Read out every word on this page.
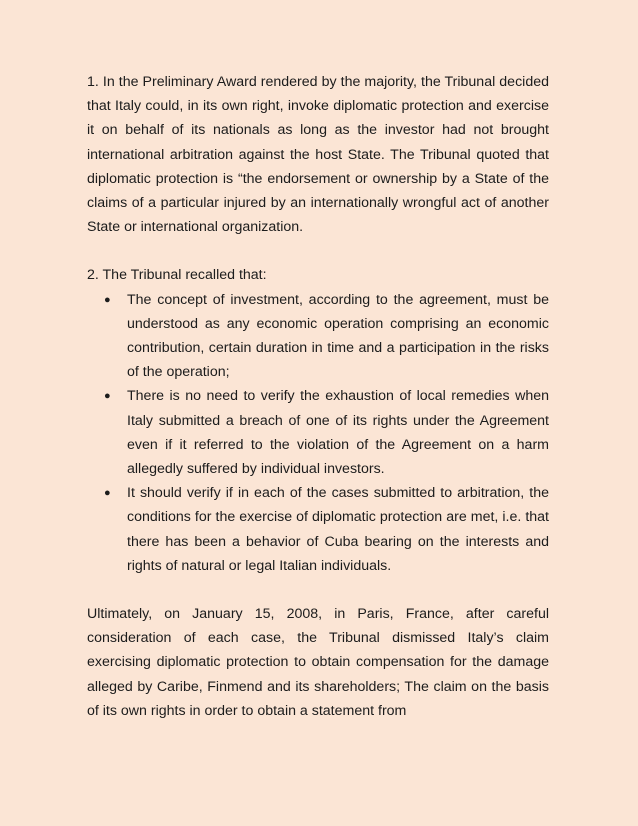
1. In the Preliminary Award rendered by the majority, the Tribunal decided that Italy could, in its own right, invoke diplomatic protection and exercise it on behalf of its nationals as long as the investor had not brought international arbitration against the host State. The Tribunal quoted that diplomatic protection is “the endorsement or ownership by a State of the claims of a particular injured by an internationally wrongful act of another State or international organization.

2. The Tribunal recalled that:

● The concept of investment, according to the agreement, must be understood as any economic operation comprising an economic contribution, certain duration in time and a participation in the risks of the operation;
● There is no need to verify the exhaustion of local remedies when Italy submitted a breach of one of its rights under the Agreement even if it referred to the violation of the Agreement on a harm allegedly suffered by individual investors.
● It should verify if in each of the cases submitted to arbitration, the conditions for the exercise of diplomatic protection are met, i.e. that there has been a behavior of Cuba bearing on the interests and rights of natural or legal Italian individuals.

Ultimately, on January 15, 2008, in Paris, France, after careful consideration of each case, the Tribunal dismissed Italy’s claim exercising diplomatic protection to obtain compensation for the damage alleged by Caribe, Finmend and its shareholders; The claim on the basis of its own rights in order to obtain a statement from
